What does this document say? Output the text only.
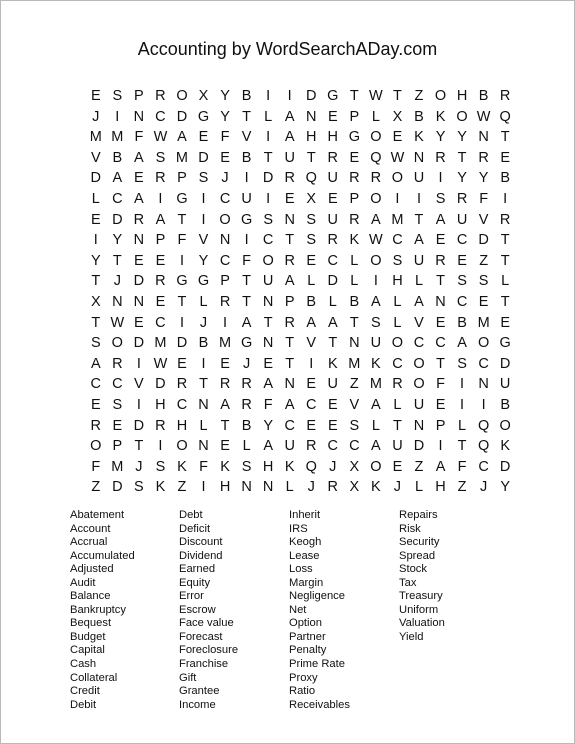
Accounting by WordSearchADay.com
E S P R O X Y B	I	I D G T W T Z O H B R
J	I N C D G Y T L A N E P L X B K O W Q
M M F W A E F V	I	A H H G O E K Y Y N T
V B A S M D E B T U T R E Q W N R T R E
D A E R P S J	I D R Q U R R O U I	Y Y B
L C A	I G I C U I	E X E P O I	I	S R F	I
E D R A T	I O G S N S U R A M T A U V R
I	Y N P F V N I C T S R K W C A E C D T
Y T E E	I	Y C F O R E C L O S U R E Z T
T J D R G G P T U A L D L	I H L T S S L
X N N E T L R T N P B L B A L A N C E T
T W E C I	J	I	A T R A A T S L V E B M E
S O D M D B M G N T V T N U O C C A O G
A R I W E	I	E J E T	I	K M K C O T S C D
C C V D R T R R A N E U Z M R O F	I N U
E S	I H C N A R F A C E V A L U E	I	I	B
R E D R H L T B Y C E E S L T N P L Q O
O P T	I O N E L A U R C C A U D I	T Q K
F M J S K F K S H K Q J X O E Z A F C D
Z D S K Z	I H N N L J R X K J L H Z J Y
Abatement
Account
Accrual
Accumulated
Adjusted
Audit
Balance
Bankruptcy
Bequest
Budget
Capital
Cash
Collateral
Credit
Debit
Debt
Deficit
Discount
Dividend
Earned
Equity
Error
Escrow
Face value
Forecast
Foreclosure
Franchise
Gift
Grantee
Income
Inherit
IRS
Keogh
Lease
Loss
Margin
Negligence
Net
Option
Partner
Penalty
Prime Rate
Proxy
Ratio
Receivables
Repairs
Risk
Security
Spread
Stock
Tax
Treasury
Uniform
Valuation
Yield
